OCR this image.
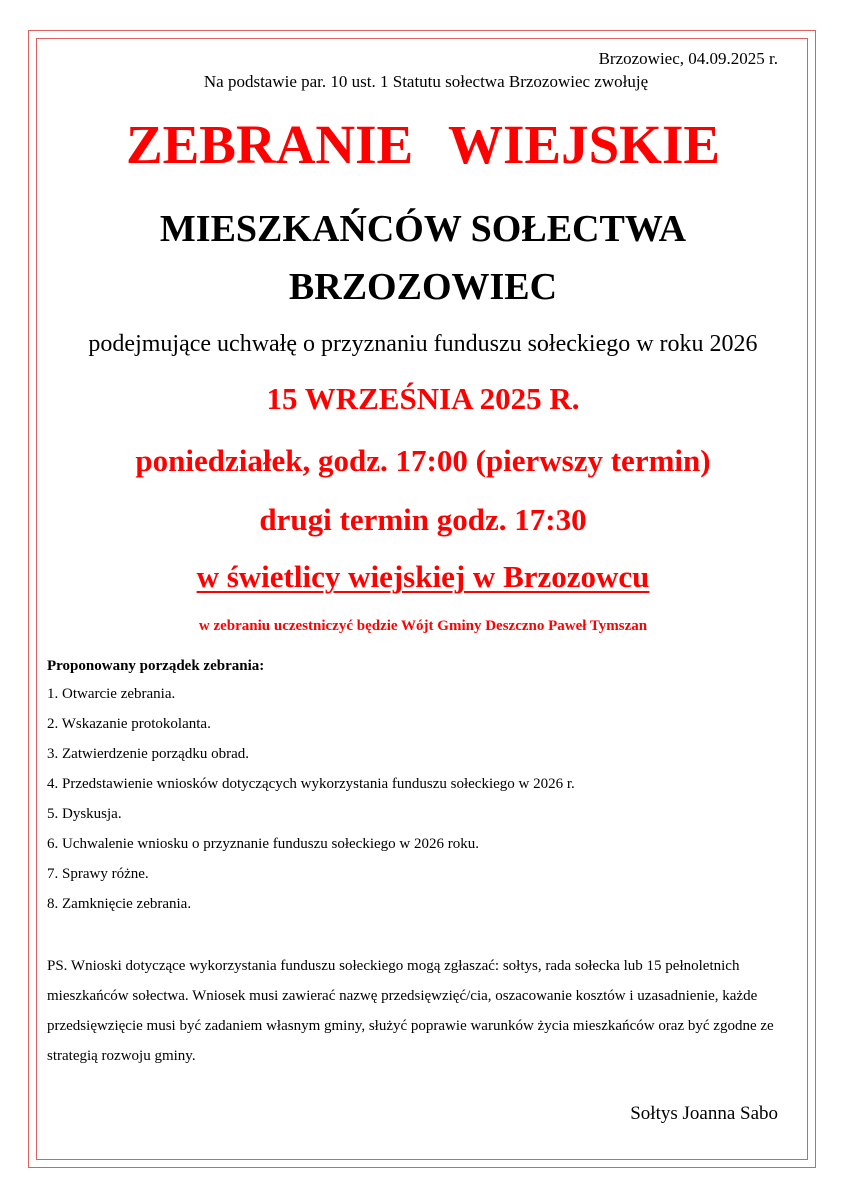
Brzozowiec, 04.09.2025 r.

Na podstawie par. 10 ust. 1 Statutu sołectwa Brzozowiec zwołuję

ZEBRANIE WIEJSKIE
MIESZKAŃCÓW SOŁECTWA
BRZOZOWIEC

podejmujące uchwałę o przyznaniu funduszu sołeckiego w roku 2026

15 WRZEŚNIA 2025 R.

poniedziałek, godz. 17:00 (pierwszy termin)

drugi termin godz. 17:30

w świetlicy wiejskiej w Brzozowcu

w zebraniu uczestniczyć będzie Wójt Gminy Deszczno Paweł Tymszan

Proponowany porządek zebrania:

1. Otwarcie zebrania.
2. Wskazanie protokolanta.
3. Zatwierdzenie porządku obrad.
4. Przedstawienie wniosków dotyczących wykorzystania funduszu sołeckiego w 2026 r.
5. Dyskusja.
6. Uchwalenie wniosku o przyznanie funduszu sołeckiego w 2026 roku.
7. Sprawy różne.
8. Zamknięcie zebrania.

PS. Wnioski dotyczące wykorzystania funduszu sołeckiego mogą zgłaszać: sołtys, rada sołecka lub 15 pełnoletnich mieszkańców sołectwa. Wniosek musi zawierać nazwę przedsięwzięć/cia, oszacowanie kosztów i uzasadnienie, każde przedsięwzięcie musi być zadaniem własnym gminy, służyć poprawie warunków życia mieszkańców oraz być zgodne ze strategią rozwoju gminy.

Sołtys Joanna Sabo
